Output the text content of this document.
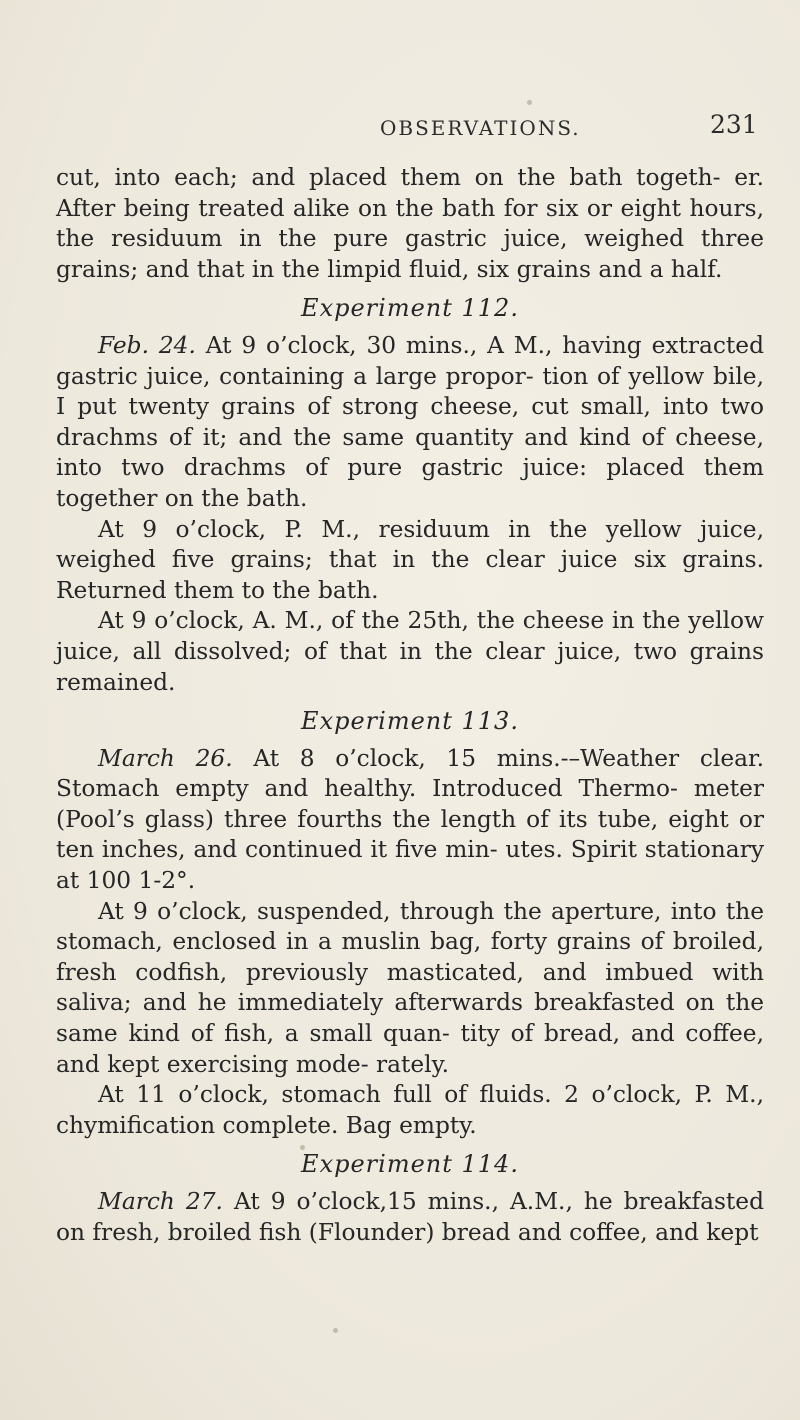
OBSERVATIONS.	231

cut, into each; and placed them on the bath togeth- er. After being treated alike on the bath for six or eight hours, the residuum in the pure gastric juice, weighed three grains; and that in the limpid fluid, six grains and a half.

Experiment 112.

Feb. 24. At 9 o’clock, 30 mins., A M., having extracted gastric juice, containing a large propor- tion of yellow bile, I put twenty grains of strong cheese, cut small, into two drachms of it; and the same quantity and kind of cheese, into two drachms of pure gastric juice: placed them together on the bath.

At 9 o’clock, P. M., residuum in the yellow juice, weighed five grains; that in the clear juice six grains. Returned them to the bath.

At 9 o’clock, A. M., of the 25th, the cheese in the yellow juice, all dissolved; of that in the clear juice, two grains remained.

Experiment 113.

March 26. At 8 o’clock, 15 mins.-–Weather clear. Stomach empty and healthy. Introduced Thermo- meter (Pool’s glass) three fourths the length of its tube, eight or ten inches, and continued it five min- utes. Spirit stationary at 100 1-2°.

At 9 o’clock, suspended, through the aperture, into the stomach, enclosed in a muslin bag, forty grains of broiled, fresh codfish, previously masticated, and imbued with saliva; and he immediately afterwards breakfasted on the same kind of fish, a small quan- tity of bread, and coffee, and kept exercising mode- rately.

At 11 o’clock, stomach full of fluids. 2 o’clock, P. M., chymification complete. Bag empty.

Experiment 114.

March 27. At 9 o’clock,15 mins., A.M., he breakfasted on fresh, broiled fish (Flounder) bread and coffee, and kept
